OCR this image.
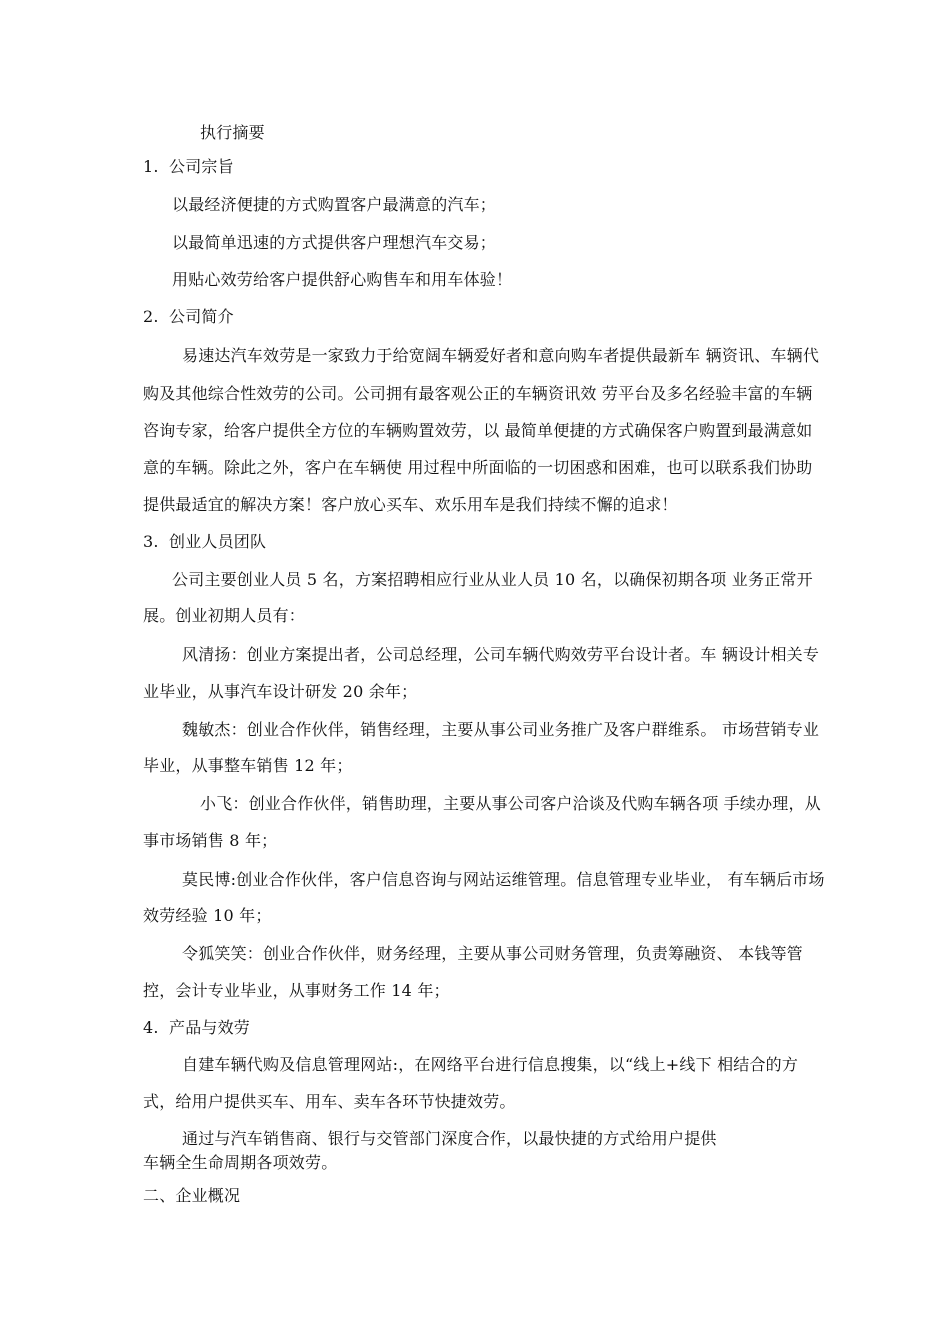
执行摘要
1. 公司宗旨
以最经济便捷的方式购置客户最满意的汽车；
以最简单迅速的方式提供客户理想汽车交易；
用贴心效劳给客户提供舒心购售车和用车体验！
2. 公司简介
易速达汽车效劳是一家致力于给宽阔车辆爱好者和意向购车者提供最新车 辆资讯、车辆代
购及其他综合性效劳的公司。公司拥有最客观公正的车辆资讯效 劳平台及多名经验丰富的车辆
咨询专家，给客户提供全方位的车辆购置效劳，以 最简单便捷的方式确保客户购置到最满意如
意的车辆。除此之外，客户在车辆使 用过程中所面临的一切困惑和困难，也可以联系我们协助
提供最适宜的解决方案！客户放心买车、欢乐用车是我们持续不懈的追求！
3. 创业人员团队
公司主要创业人员 5 名，方案招聘相应行业从业人员 10 名，以确保初期各项 业务正常开
展。创业初期人员有：
风清扬：创业方案提出者，公司总经理，公司车辆代购效劳平台设计者。车 辆设计相关专
业毕业，从事汽车设计研发 20 余年；
魏敏杰：创业合作伙伴，销售经理，主要从事公司业务推广及客户群维系。 市场营销专业
毕业，从事整车销售 12 年；
小飞：创业合作伙伴，销售助理，主要从事公司客户洽谈及代购车辆各项 手续办理，从
事市场销售 8 年；
莫民博:创业合作伙伴，客户信息咨询与网站运维管理。信息管理专业毕业， 有车辆后市场
效劳经验 10 年；
令狐笑笑：创业合作伙伴，财务经理，主要从事公司财务管理，负责筹融资、 本钱等管
控，会计专业毕业，从事财务工作 14 年；
4. 产品与效劳
自建车辆代购及信息管理网站:，在网络平台进行信息搜集，以“线上+线下 相结合的方
式，给用户提供买车、用车、卖车各环节快捷效劳。
通过与汽车销售商、银行与交管部门深度合作，以最快捷的方式给用户提供
车辆全生命周期各项效劳。
二、企业概况
